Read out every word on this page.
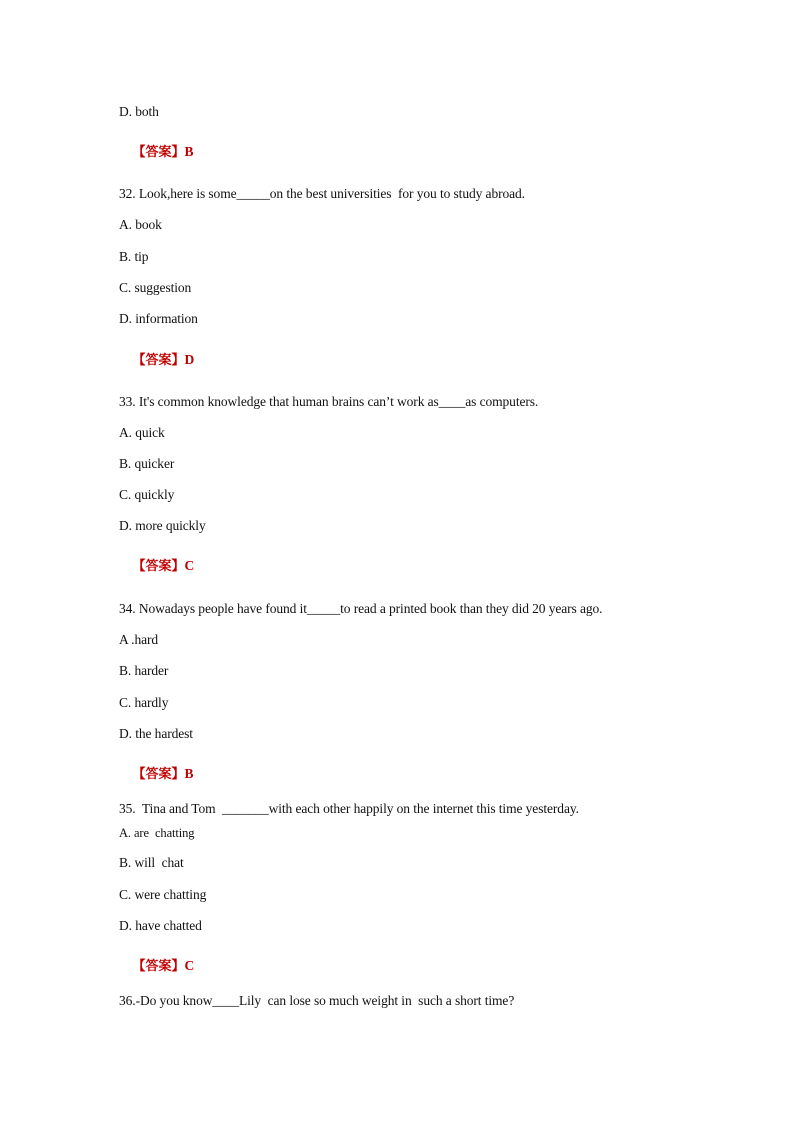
D. both

【答案】B

32. Look,here is some_____on the best universities  for you to study abroad.
A. book
B. tip
C. suggestion
D. information

【答案】D

33. It's common knowledge that human brains can’t work as____as computers.
A. quick
B. quicker
C. quickly
D. more quickly

【答案】C

34. Nowadays people have found it_____to read a printed book than they did 20 years ago.
A .hard
B. harder
C. hardly
D. the hardest

【答案】B

35.  Tina and Tom  _______with each other happily on the internet this time yesterday.
A. are  chatting
B. will  chat
C. were chatting
D. have chatted

【答案】C

36.-Do you know____Lily  can lose so much weight in  such a short time?
